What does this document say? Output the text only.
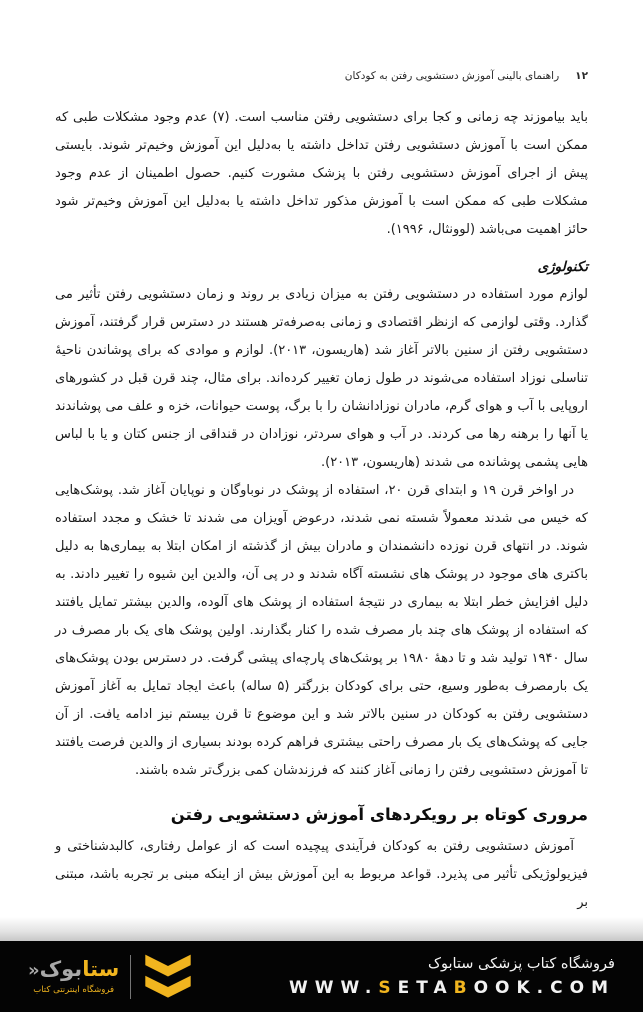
۱۲
راهنمای بالینی آموزش دستشویی رفتن به کودکان

باید بیاموزند چه زمانی و کجا برای دستشویی رفتن مناسب است. (۷) عدم وجود مشکلات طبی که ممکن است با آموزش دستشویی رفتن تداخل داشته یا به‌دلیل این آموزش وخیم‌تر شوند. بایستی پیش از اجرای آموزش دستشویی رفتن با پزشک مشورت کنیم. حصول اطمینان از عدم وجود مشکلات طبی که ممکن است با آموزش مذکور تداخل داشته یا به‌دلیل این آموزش وخیم‌تر شود حائز اهمیت می‌باشد (لوونثال، ۱۹۹۶).

تکنولوژی

لوازم مورد استفاده در دستشویی رفتن به میزان زیادی بر روند و زمان دستشویی رفتن تأثیر می گذارد. وقتی لوازمی که ازنظر اقتصادی و زمانی به‌صرفه‌تر هستند در دسترس قرار گرفتند، آموزش دستشویی رفتن از سنین بالاتر آغاز شد (هاریسون، ۲۰۱۳). لوازم و موادی که برای پوشاندن ناحیهٔ تناسلی نوزاد استفاده می‌شوند در طول زمان تغییر کرده‌اند. برای مثال، چند قرن قبل در کشورهای اروپایی با آب و هوای گرم، مادران نوزادانشان را با برگ، پوست حیوانات، خزه و علف می پوشاندند یا آنها را برهنه رها می کردند. در آب و هوای سردتر، نوزادان در قنداقی از جنس کتان و یا با لباس هایی پشمی پوشانده می شدند (هاریسون، ۲۰۱۳).

در اواخر قرن ۱۹ و ابتدای قرن ۲۰، استفاده از پوشک در نوباوگان و نوپایان آغاز شد. پوشک‌هایی که خیس می شدند معمولاً شسته نمی شدند، درعوض آویزان می شدند تا خشک و مجدد استفاده شوند. در انتهای قرن نوزده دانشمندان و مادران بیش از گذشته از امکان ابتلا به بیماری‌ها به دلیل باکتری های موجود در پوشک های نشسته آگاه شدند و در پی آن، والدین این شیوه را تغییر دادند. به دلیل افزایش خطر ابتلا به بیماری در نتیجهٔ استفاده از پوشک های آلوده، والدین بیشتر تمایل یافتند که استفاده از پوشک های چند بار مصرف شده را کنار بگذارند. اولین پوشک های یک بار مصرف در سال ۱۹۴۰ تولید شد و تا دههٔ ۱۹۸۰ بر پوشک‌های پارچه‌ای پیشی گرفت. در دسترس بودن پوشک‌های یک بارمصرف به‌طور وسیع، حتی برای کودکان بزرگتر (۵ ساله) باعث ایجاد تمایل به آغاز آموزش دستشویی رفتن به کودکان در سنین بالاتر شد و این موضوع تا قرن بیستم نیز ادامه یافت. از آن جایی که پوشک‌های یک بار مصرف راحتی بیشتری فراهم کرده بودند بسیاری از والدین فرصت یافتند تا آموزش دستشویی رفتن را زمانی آغاز کنند که فرزندشان کمی بزرگ‌تر شده باشند.

مروری کوتاه بر رویکردهای آموزش دستشویی رفتن

آموزش دستشویی رفتن به کودکان فرآیندی پیچیده است که از عوامل رفتاری، کالبدشناختی و فیزیولوژیکی تأثیر می پذیرد. قواعد مربوط به این آموزش بیش از اینکه مبنی بر تجربه باشد، مبتنی بر

ستابوک«
فروشگاه اینترنتی کتاب
فروشگاه کتاب پزشکی ستابوک
WWW.SETABOOK.COM
